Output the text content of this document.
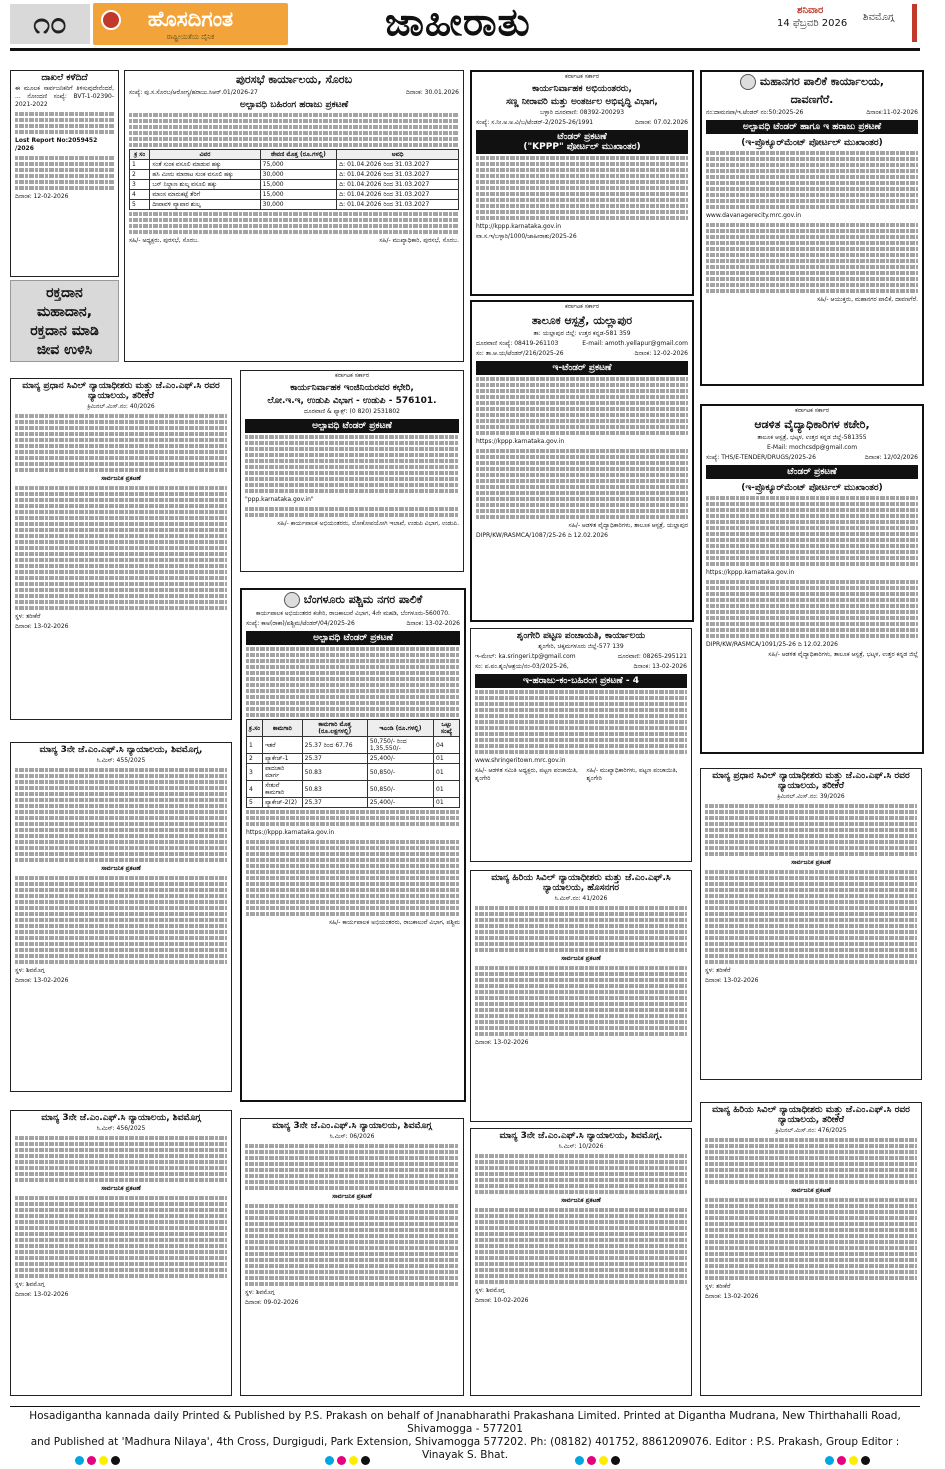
೧೦	ಹೊಸದಿಗಂತ
ರಾಷ್ಟ್ರೀಯತೆಯ ದೈನಿಕ	ಜಾಹೀರಾತು	ಶನಿವಾರ
14 ಫೆಬ್ರವರಿ 2026
ಶಿವಮೊಗ್ಗ
ದಾಖಲೆ ಕಳೆದಿದೆ
ಈ ಮೂಲಕ ಸಾರ್ವಜನಿಕರಿಗೆ ತಿಳಿಸುವುದೇನೆಂದರೆ, ... ನೋಂದಣಿ ಸಂಖ್ಯೆ: BVT-1-02390-2021-2022
Lost Report No:2059452 /2026
ದಿನಾಂಕ: 12-02-2026
ರಕ್ತದಾನ
ಮಹಾದಾನ,
ರಕ್ತದಾನ ಮಾಡಿ
ಜೀವ ಉಳಿಸಿ
ಮಾನ್ಯ ಪ್ರಧಾನ ಸಿವಿಲ್ ನ್ಯಾಯಾಧೀಶರು ಮತ್ತು ಜೆ.ಎಂ.ಎಫ್.ಸಿ ರವರ ನ್ಯಾಯಾಲಯ, ತರೀಕೆರೆ
ಕ್ರಿಮಿನಲ್.ಮಿಸ್.ನಂ: 40/2026
ಸಾರ್ವಜನಿಕ ಪ್ರಕಟಣೆ
ಸ್ಥಳ: ತರೀಕೆರೆ
ದಿನಾಂಕ: 13-02-2026
ಮಾನ್ಯ 3ನೇ ಜೆ.ಎಂ.ಎಫ್.ಸಿ ನ್ಯಾಯಾಲಯ, ಶಿವಮೊಗ್ಗ,
ಸಿ.ಮಿಸ್: 455/2025
ಸಾರ್ವಜನಿಕ ಪ್ರಕಟಣೆ
ಸ್ಥಳ: ಶಿವಮೊಗ್ಗ
ದಿನಾಂಕ: 13-02-2026
ಮಾನ್ಯ 3ನೇ ಜೆ.ಎಂ.ಎಫ್.ಸಿ ನ್ಯಾಯಾಲಯ, ಶಿವಮೊಗ್ಗ
ಸಿ.ಮಿಸ್: 456/2025
ಸಾರ್ವಜನಿಕ ಪ್ರಕಟಣೆ
ಸ್ಥಳ: ಶಿವಮೊಗ್ಗ
ದಿನಾಂಕ: 13-02-2026
ಪುರಸಭೆ ಕಾರ್ಯಾಲಯ, ಸೊರಬ
ಸಂಖ್ಯೆ: ಪು.ಸ.ಸೊರಬ/ಆರೋಗ್ಯ/ಹರಾಜು.ಸಿಆರ್.01/2026-27	ದಿನಾಂಕ: 30.01.2026
ಅಲ್ಪಾವಧಿ ಬಹಿರಂಗ ಹರಾಜು ಪ್ರಕಟಣೆ
ಕ್ರ ಸಂ	ವಿವರ	ಠೇವಣಿ ಮೊತ್ತ (ರೂ.ಗಳಲ್ಲಿ)	ಅವಧಿ
1	ಸಂತೆ ಸುಂಕ ವಸೂಲಿ ಮಾಡುವ ಹಕ್ಕು	75,000	ದಿ: 01.04.2026 ರಿಂದ 31.03.2027
2	ಹಸಿ ಮೀನು ಮಾರಾಟ ಸುಂಕ ವಸೂಲಿ ಹಕ್ಕು	30,000	ದಿ: 01.04.2026 ರಿಂದ 31.03.2027
3	ಬಸ್ ನಿಲ್ದಾಣ ಶುಲ್ಕ ವಸೂಲಿ ಹಕ್ಕು	15,000	ದಿ: 01.04.2026 ರಿಂದ 31.03.2027
4	ಮಾಂಸ ಮಾರುಕಟ್ಟೆ ತೆರಿಗೆ	15,000	ದಿ: 01.04.2026 ರಿಂದ 31.03.2027
5	ದೀಪಾವಳಿ ವ್ಯಾಪಾರ ಶುಲ್ಕ	30,000	ದಿ: 01.04.2026 ರಿಂದ 31.03.2027
ಸಹಿ/- ಅಧ್ಯಕ್ಷರು, ಪುರಸಭೆ, ಸೊರಬ.	ಸಹಿ/- ಮುಖ್ಯಾಧಿಕಾರಿ, ಪುರಸಭೆ, ಸೊರಬ.
ಕರ್ನಾಟಕ ಸರ್ಕಾರ
ಕಾರ್ಯನಿರ್ವಾಹಕ ಇಂಜಿನಿಯರವರ ಕಛೇರಿ,
ಲೋ.ಇ.ಇ, ಉಡುಪಿ ವಿಭಾಗ - ಉಡುಪಿ - 576101.
ದೂರವಾಣಿ & ಫ್ಯಾಕ್ಸ್: (0 820) 2531802
ಅಲ್ಪಾವಧಿ ಟೆಂಡರ್ ಪ್ರಕಟಣೆ
"ppp.karnataka.gov.in"
ಸಹಿ/- ಕಾರ್ಯಪಾಲಕ ಅಭಿಯಂತರರು, ಲೋಕೋಪಯೋಗಿ ಇಲಾಖೆ, ಉಡುಪಿ ವಿಭಾಗ, ಉಡುಪಿ.
ಬೆಂಗಳೂರು ಪಶ್ಚಿಮ ನಗರ ಪಾಲಿಕೆ
ಕಾರ್ಯಪಾಲಕ ಅಭಿಯಂತರರ ಕಚೇರಿ, ರಾಜಕಾಲುವೆ ವಿಭಾಗ, 4ನೇ ಮಹಡಿ, ಬೆಂಗಳೂರು-560070.
ಸಂಖ್ಯೆ: ಕಾಅ(ರಾಕಾ)/ಪಶ್ಚಿಮ/ಟೆಂಡರ್/04/2025-26	ದಿನಾಂಕ: 13-02-2026
ಅಲ್ಪಾವಧಿ ಟೆಂಡರ್ ಪ್ರಕಟಣೆ
ಕ್ರ.ಸಂ	ಕಾಮಗಾರಿ	ಕಾಮಗಾರಿ ಮೊತ್ತ (ರೂ.ಲಕ್ಷಗಳಲ್ಲಿ)	ಇಎಂಡಿ (ರೂ.ಗಳಲ್ಲಿ)	ಒಟ್ಟು ಸಂಖ್ಯೆ
1	ಇತರೆ	25.37 ರಿಂದ 67.76	50,750/- ರಿಂದ 1,35,550/-	04
2	ಪ್ಯಾಕೇಜ್-1	25.37	25,400/-	01
3	ಪಾದಚಾರಿ ಮಾರ್ಗ	50.83	50,850/-	01
4	ಸೇತುವೆ ಕಾಮಗಾರಿ	50.83	50,850/-	01
5	ಪ್ಯಾಕೇಜ್-2(2)	25.37	25,400/-	01
https://kppp.karnataka.gov.in
ಸಹಿ/- ಕಾರ್ಯಪಾಲಕ ಅಭಿಯಂತರರು, ರಾಜಕಾಲುವೆ ವಿಭಾಗ, ಪಶ್ಚಿಮ
ಮಾನ್ಯ 3ನೇ ಜೆ.ಎಂ.ಎಫ್.ಸಿ ನ್ಯಾಯಾಲಯ, ಶಿವಮೊಗ್ಗ
ಸಿ.ಮಿಸ್: 06/2026
ಸಾರ್ವಜನಿಕ ಪ್ರಕಟಣೆ
ಸ್ಥಳ: ಶಿವಮೊಗ್ಗ
ದಿನಾಂಕ: 09-02-2026
ಕರ್ನಾಟಕ ಸರ್ಕಾರ
ಕಾರ್ಯನಿರ್ವಾಹಕ ಅಭಿಯಂತರರು,
ಸಣ್ಣ ನೀರಾವರಿ ಮತ್ತು ಅಂತರ್ಜಲ ಅಭಿವೃದ್ಧಿ ವಿಭಾಗ,
ಬಳ್ಳಾರಿ ದೂರವಾಣಿ: 08392-200293
ಸಂಖ್ಯೆ: ಸ.ನೀ.ಅ.ಅ.ವಿ/ಬ/ಟೆಂಡರ್-2/2025-26/1991	ದಿನಾಂಕ: 07.02.2026
ಟೆಂಡರ್ ಪ್ರಕಟಣೆ
("KPPP" ಪೋರ್ಟಲ್ ಮುಖಾಂತರ)
http://kppp.karnataka.gov.in
ವಾ.ಸ.ಇ/ಬಳ್ಳಾರಿ/1000/ಜಾಹೀರಾತು/2025-26
ಕರ್ನಾಟಕ ಸರ್ಕಾರ
ತಾಲೂಕ ಆಸ್ಪತ್ರೆ, ಯಲ್ಲಾಪುರ
ತಾ: ಯಲ್ಲಾಪುರ ಜಿಲ್ಲೆ: ಉತ್ತರ ಕನ್ನಡ-581 359
ದೂರವಾಣಿ ಸಂಖ್ಯೆ: 08419-261103	E-mail: amoth.yellapur@gmail.com
ಸಂ: ತಾ.ಆ.ಯ/ಟೆಂಡರ್/216/2025-26	ದಿನಾಂಕ: 12-02-2026
ಇ-ಟೆಂಡರ್ ಪ್ರಕಟಣೆ
https://kppp.karnataka.gov.in
ಸಹಿ/- ಆಡಳಿತ ವೈದ್ಯಾಧಿಕಾರಿಗಳು, ತಾಲೂಕ ಆಸ್ಪತ್ರೆ, ಯಲ್ಲಾಪುರ
DIPR/KW/RASMCA/1087/25-26 ದಿ 12.02.2026
ಶೃಂಗೇರಿ ಪಟ್ಟಣ ಪಂಚಾಯತಿ, ಕಾರ್ಯಾಲಯ
ಶೃಂಗೇರಿ, ಚಿಕ್ಕಮಗಳೂರು ಜಿಲ್ಲೆ-577 139
ಇ-ಮೇಲ್: ka.sringeri.tp@gmail.com	ದೂರವಾಣಿ: 08265-295121
ಸಂ: ಪ.ಪಂ.ಶೃಂ/ಆಶ್ರಯ/ನಂ-03/2025-26,	ದಿನಾಂಕ: 13-02-2026
ಇ-ಹರಾಜು-ಕಂ-ಬಹಿರಂಗ ಪ್ರಕಟಣೆ - 4
www.shringeritown.mrc.gov.in
ಸಹಿ/- ಆಡಳಿತ ಸಮಿತಿ ಅಧ್ಯಕ್ಷರು, ಪಟ್ಟಣ ಪಂಚಾಯಿತಿ, ಶೃಂಗೇರಿ
ಸಹಿ/- ಮುಖ್ಯಾಧಿಕಾರಿಗಳು, ಪಟ್ಟಣ ಪಂಚಾಯಿತಿ, ಶೃಂಗೇರಿ
ಮಾನ್ಯ ಹಿರಿಯ ಸಿವಿಲ್ ನ್ಯಾಯಾಧೀಶರು ಮತ್ತು ಜೆ.ಎಂ.ಎಫ್.ಸಿ ನ್ಯಾಯಾಲಯ, ಹೊಸನಗರ
ಸಿ.ಮಿಸ್.ನಂ: 41/2026
ಸಾರ್ವಜನಿಕ ಪ್ರಕಟಣೆ
ದಿನಾಂಕ: 13-02-2026
ಮಾನ್ಯ 3ನೇ ಜೆ.ಎಂ.ಎಫ್.ಸಿ ನ್ಯಾಯಾಲಯ, ಶಿವಮೊಗ್ಗ.
ಸಿ.ಮಿಸ್: 10/2026
ಸಾರ್ವಜನಿಕ ಪ್ರಕಟಣೆ
ಸ್ಥಳ: ಶಿವಮೊಗ್ಗ
ದಿನಾಂಕ: 10-02-2026
ಮಹಾನಗರ ಪಾಲಿಕೆ ಕಾರ್ಯಾಲಯ,
ದಾವಣಗೆರೆ.
ನಂ:ದಾಮನಪಾ/ಇ.ಟೆಂಡರ್ ನಂ:50:2025-26	ದಿನಾಂಕ:11-02-2026
ಅಲ್ಪಾವಧಿ ಟೆಂಡರ್ ಹಾಗೂ ಇ ಹರಾಜು ಪ್ರಕಟಣೆ
(ಇ-ಪ್ರೊಕ್ಯೂರ್‌ಮೆಂಟ್ ಪೋರ್ಟಲ್ ಮುಖಾಂತರ)
www.davanagerecity.mrc.gov.in
ಸಹಿ/- ಆಯುಕ್ತರು, ಮಹಾನಗರ ಪಾಲಿಕೆ, ದಾವಣಗೆರೆ.
ಕರ್ನಾಟಕ ಸರ್ಕಾರ
ಆಡಳಿತ ವೈದ್ಯಾಧಿಕಾರಿಗಳ ಕಚೇರಿ,
ತಾಲೂಕ ಆಸ್ಪತ್ರೆ, ಭಟ್ಕಳ, ಉತ್ತರ ಕನ್ನಡ ಜಿಲ್ಲೆ-581355
E-Mail: mochcsdp@gmail.com
ಸಂಖ್ಯೆ: THS/E-TENDER/DRUGS/2025-26	ದಿನಾಂಕ: 12/02/2026
ಟೆಂಡರ್ ಪ್ರಕಟಣೆ
(ಇ-ಪ್ರೊಕ್ಯೂರ್‌ಮೆಂಟ್ ಪೋರ್ಟಲ್ ಮುಖಾಂತರ)
https://kppp.karnataka.gov.in
DIPR/KW/RASMCA/1091/25-26 ದಿ 12.02.2026
ಸಹಿ/- ಆಡಳಿತ ವೈದ್ಯಾಧಿಕಾರಿಗಳು, ತಾಲೂಕ ಆಸ್ಪತ್ರೆ, ಭಟ್ಕಳ, ಉತ್ತರ ಕನ್ನಡ ಜಿಲ್ಲೆ
ಮಾನ್ಯ ಪ್ರಧಾನ ಸಿವಿಲ್ ನ್ಯಾಯಾಧೀಶರು ಮತ್ತು ಜೆ.ಎಂ.ಎಫ್.ಸಿ ರವರ ನ್ಯಾಯಾಲಯ, ತರೀಕೆರೆ
ಕ್ರಿಮಿನಲ್.ಮಿಸ್.ನಂ: 39/2026
ಸಾರ್ವಜನಿಕ ಪ್ರಕಟಣೆ
ಸ್ಥಳ: ತರೀಕೆರೆ
ದಿನಾಂಕ: 13-02-2026
ಮಾನ್ಯ ಹಿರಿಯ ಸಿವಿಲ್ ನ್ಯಾಯಾಧೀಶರು ಮತ್ತು ಜೆ.ಎಂ.ಎಫ್.ಸಿ ರವರ ನ್ಯಾಯಾಲಯ, ತರೀಕೆರೆ
ಕ್ರಿಮಿನಲ್.ಮಿಸ್.ನಂ: 476/2025
ಸಾರ್ವಜನಿಕ ಪ್ರಕಟಣೆ
ಸ್ಥಳ: ತರೀಕೆರೆ
ದಿನಾಂಕ: 13-02-2026
Hosadigantha kannada daily Printed & Published by P.S. Prakash on behalf of Jnanabharathi Prakashana Limited. Printed at Digantha Mudrana, New Thirthahalli Road, Shivamogga - 577201
and Published at 'Madhura Nilaya', 4th Cross, Durgigudi, Park Extension, Shivamogga 577202. Ph: (08182) 401752, 8861209076. Editor : P.S. Prakash, Group Editor : Vinayak S. Bhat.
